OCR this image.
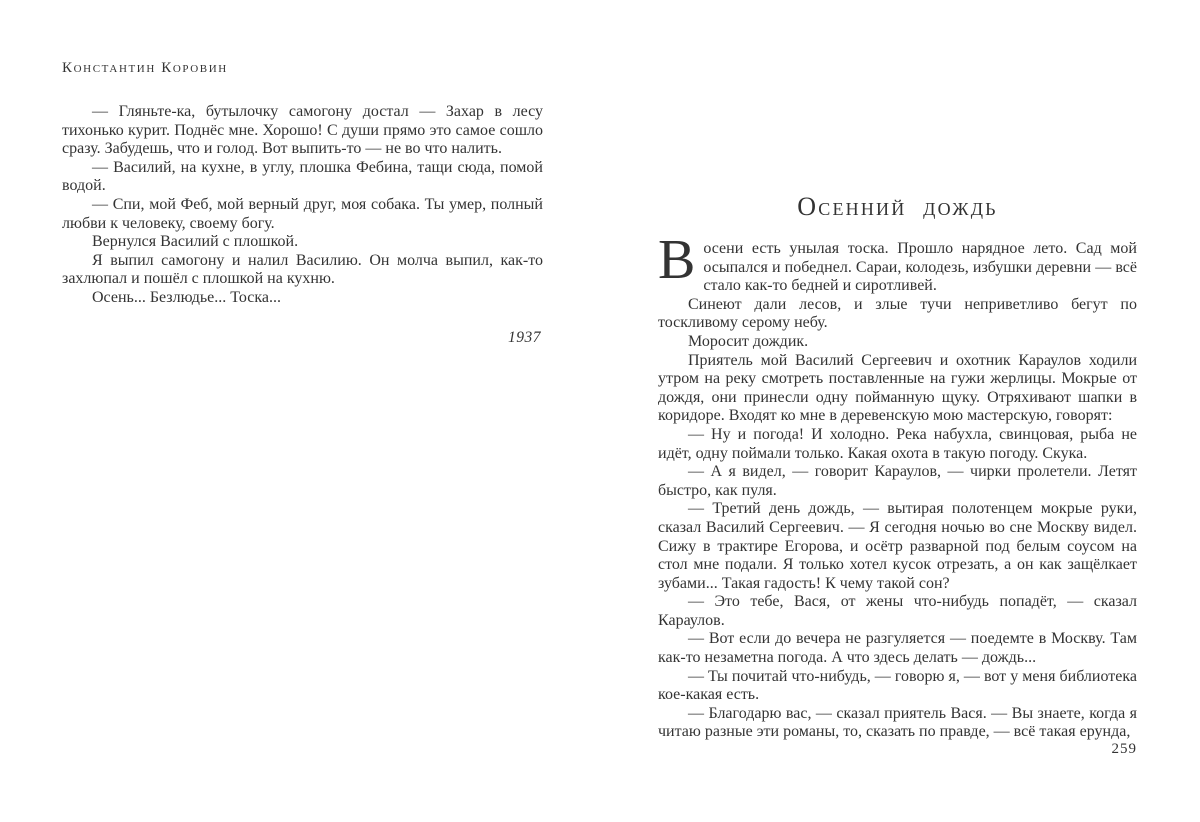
Константин Коровин

— Гляньте-ка, бутылочку самогону достал — Захар в лесу тихонько курит. Поднёс мне. Хорошо! С души прямо это самое сошло сразу. Забудешь, что и голод. Вот выпить-то — не во что налить.

— Василий, на кухне, в углу, плошка Фебина, тащи сюда, помой водой.

— Спи, мой Феб, мой верный друг, моя собака. Ты умер, полный любви к человеку, своему богу.

Вернулся Василий с плошкой.

Я выпил самогону и налил Василию. Он молча выпил, как-то захлюпал и пошёл с плошкой на кухню.

Осень... Безлюдье... Тоска...

1937
Осенний дождь

Восени есть унылая тоска. Прошло нарядное лето. Сад мой осыпался и победнел. Сараи, колодезь, избушки деревни — всё стало как-то бедней и сиротливей.

Синеют дали лесов, и злые тучи неприветливо бегут по тоскливому серому небу.

Моросит дождик.

Приятель мой Василий Сергеевич и охотник Караулов ходили утром на реку смотреть поставленные на гужи жерлицы. Мокрые от дождя, они принесли одну пойманную щуку. Отряхивают шапки в коридоре. Входят ко мне в деревенскую мою мастерскую, говорят:

— Ну и погода! И холодно. Река набухла, свинцовая, рыба не идёт, одну поймали только. Какая охота в такую погоду. Скука.

— А я видел, — говорит Караулов, — чирки пролетели. Летят быстро, как пуля.

— Третий день дождь, — вытирая полотенцем мокрые руки, сказал Василий Сергеевич. — Я сегодня ночью во сне Москву видел. Сижу в трактире Егорова, и осётр разварной под белым соусом на стол мне подали. Я только хотел кусок отрезать, а он как защёлкает зубами... Такая гадость! К чему такой сон?

— Это тебе, Вася, от жены что-нибудь попадёт, — сказал Караулов.

— Вот если до вечера не разгуляется — поедемте в Москву. Там как-то незаметна погода. А что здесь делать — дождь...

— Ты почитай что-нибудь, — говорю я, — вот у меня библиотека кое-какая есть.

— Благодарю вас, — сказал приятель Вася. — Вы знаете, когда я читаю разные эти романы, то, сказать по правде, — всё такая ерунда,

259
